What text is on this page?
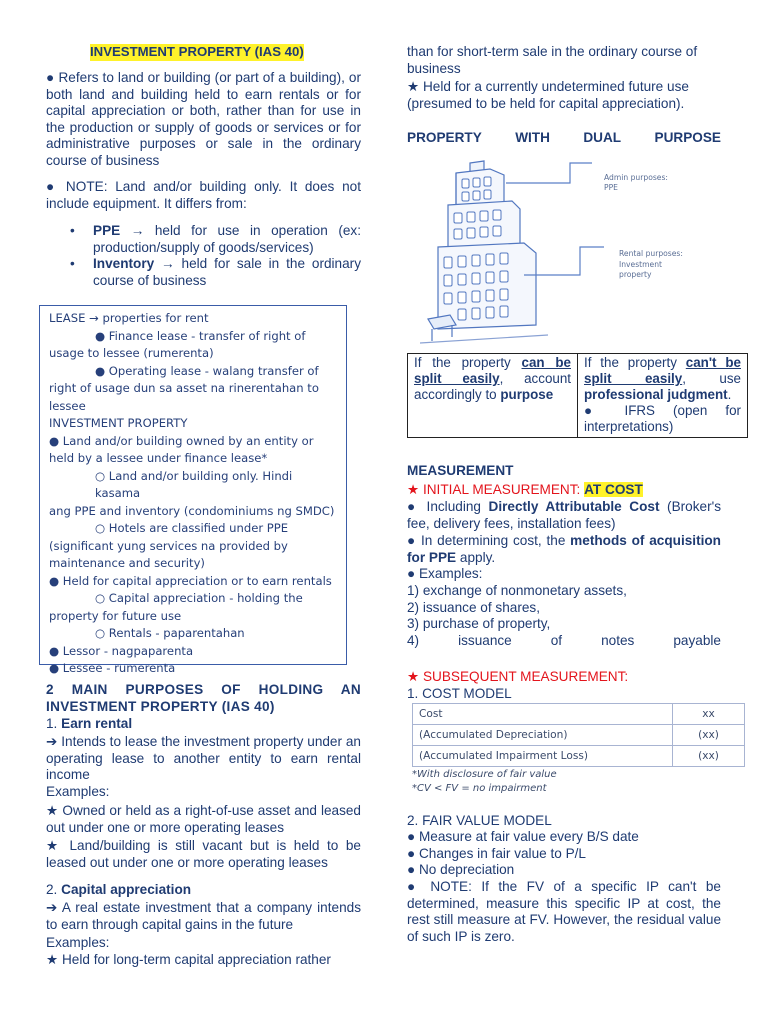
INVESTMENT PROPERTY (IAS 40)

● Refers to land or building (or part of a building), or both land and building held to earn rentals or for capital appreciation or both, rather than for use in the production or supply of goods or services or for administrative purposes or sale in the ordinary course of business

● NOTE: Land and/or building only. It does not include equipment. It differs from:

• PPE → held for use in operation (ex: production/supply of goods/services)
• Inventory → held for sale in the ordinary course of business

2 MAIN PURPOSES OF HOLDING AN INVESTMENT PROPERTY (IAS 40)

1. Earn rental

➔ Intends to lease the investment property under an operating lease to another entity to earn rental income

Examples:

★ Owned or held as a right-of-use asset and leased out under one or more operating leases

★ Land/building is still vacant but is held to be leased out under one or more operating leases

2. Capital appreciation

➔ A real estate investment that a company intends to earn through capital gains in the future

Examples:

★ Held for long-term capital appreciation rather

LEASE → properties for rent
● Finance lease - transfer of right of
usage to lessee (rumerenta)
● Operating lease - walang transfer of
right of usage dun sa asset na rinerentahan to
lessee
INVESTMENT PROPERTY
● Land and/or building owned by an entity or
held by a lessee under finance lease*
○ Land and/or building only. Hindi kasama
ang PPE and inventory (condominiums ng SMDC)
○ Hotels are classified under PPE
(significant yung services na provided by
maintenance and security)
● Held for capital appreciation or to earn rentals
○ Capital appreciation - holding the
property for future use
○ Rentals - paparentahan
● Lessor - nagpaparenta
● Lessee - rumerenta

than for short-term sale in the ordinary course of business

★ Held for a currently undetermined future use (presumed to be held for capital appreciation).

PROPERTY WITH DUAL PURPOSE
Admin purposes:
PPE
Rental purposes:
Investment
property
If the property can be split easily, account accordingly to purpose	If the property can't be split easily, use professional judgment.
● IFRS (open for interpretations)

MEASUREMENT

★ INITIAL MEASUREMENT: AT COST

● Including Directly Attributable Cost (Broker's fee, delivery fees, installation fees)

● In determining cost, the methods of acquisition for PPE apply.

● Examples:

1) exchange of nonmonetary assets,

2) issuance of shares,

3) purchase of property,

4)	issuance	of	notes	payable

★ SUBSEQUENT MEASUREMENT:

1. COST MODEL

Cost	xx
(Accumulated Depreciation)	(xx)
(Accumulated Impairment Loss)	(xx)

*With disclosure of fair value

*CV < FV = no impairment

2. FAIR VALUE MODEL

● Measure at fair value every B/S date

● Changes in fair value to P/L

● No depreciation

● NOTE: If the FV of a specific IP can't be determined, measure this specific IP at cost, the rest still measure at FV. However, the residual value of such IP is zero.
